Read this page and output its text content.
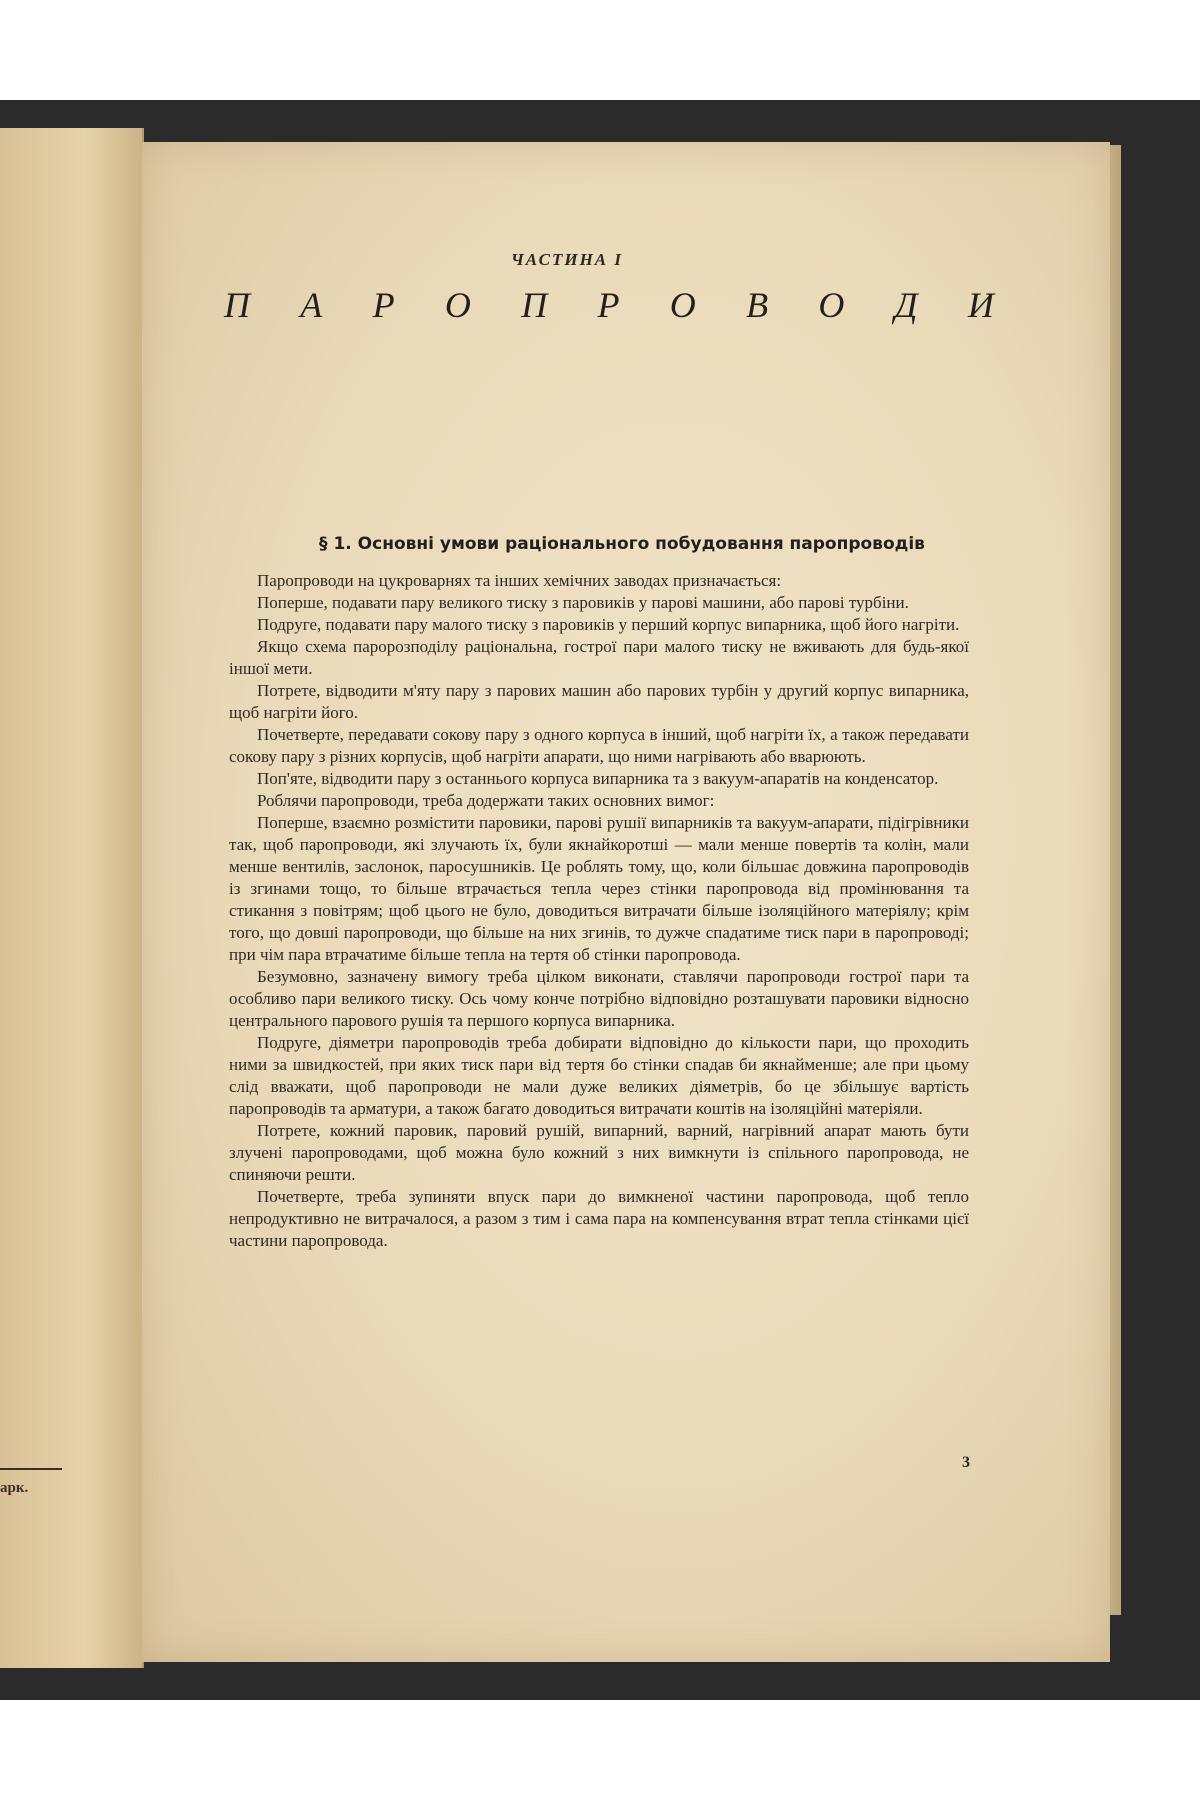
арк.
ЧАСТИНА I
П А Р О П Р О В О Д И
§ 1. Основні умови раціонального побудовання паропроводів

Паропроводи на цукроварнях та інших хемічних заводах призначається:

Поперше, подавати пару великого тиску з паровиків у парові машини, або парові турбіни.

Подруге, подавати пару малого тиску з паровиків у перший корпус випарника, щоб його нагріти.

Якщо схема паророзподілу раціональна, гострої пари малого тиску не вживають для будь-якої іншої мети.

Потрете, відводити м'яту пару з парових машин або парових турбін у другий корпус випарника, щоб нагріти його.

Почетверте, передавати сокову пару з одного корпуса в інший, щоб нагріти їх, а також передавати сокову пару з різних корпусів, щоб нагріти апарати, що ними нагрівають або вварюють.

Поп'яте, відводити пару з останнього корпуса випарника та з вакуум-апаратів на конденсатор.

Роблячи паропроводи, треба додержати таких основних вимог:

Поперше, взаємно розмістити паровики, парові рушії випарників та вакуум-апарати, підігрівники так, щоб паропроводи, які злучають їх, були якнайкоротші — мали менше повертів та колін, мали менше вентилів, заслонок, паросушників. Це роблять тому, що, коли більшає довжина паропроводів із згинами тощо, то більше втрачається тепла через стінки паропровода від промінювання та стикання з повітрям; щоб цього не було, доводиться витрачати більше ізоляційного матеріялу; крім того, що довші паропроводи, що більше на них згинів, то дужче спадатиме тиск пари в паропроводі; при чім пара втрачатиме більше тепла на тертя об стінки паропровода.

Безумовно, зазначену вимогу треба цілком виконати, ставлячи паропроводи гострої пари та особливо пари великого тиску. Ось чому конче потрібно відповідно розташувати паровики відносно центрального парового рушія та першого корпуса випарника.

Подруге, діяметри паропроводів треба добирати відповідно до кількости пари, що проходить ними за швидкостей, при яких тиск пари від тертя бо стінки спадав би якнайменше; але при цьому слід вважати, щоб паропроводи не мали дуже великих діяметрів, бо це збільшує вартість паропроводів та арматури, а також багато доводиться витрачати коштів на ізоляційні матеріяли.

Потрете, кожний паровик, паровий рушій, випарний, варний, нагрівний апарат мають бути злучені паропроводами, щоб можна було кожний з них вимкнути із спільного паропровода, не спиняючи решти.

Почетверте, треба зупиняти впуск пари до вимкненої частини паропровода, щоб тепло непродуктивно не витрачалося, а разом з тим і сама пара на компенсування втрат тепла стінками цієї частини паропровода.

3
